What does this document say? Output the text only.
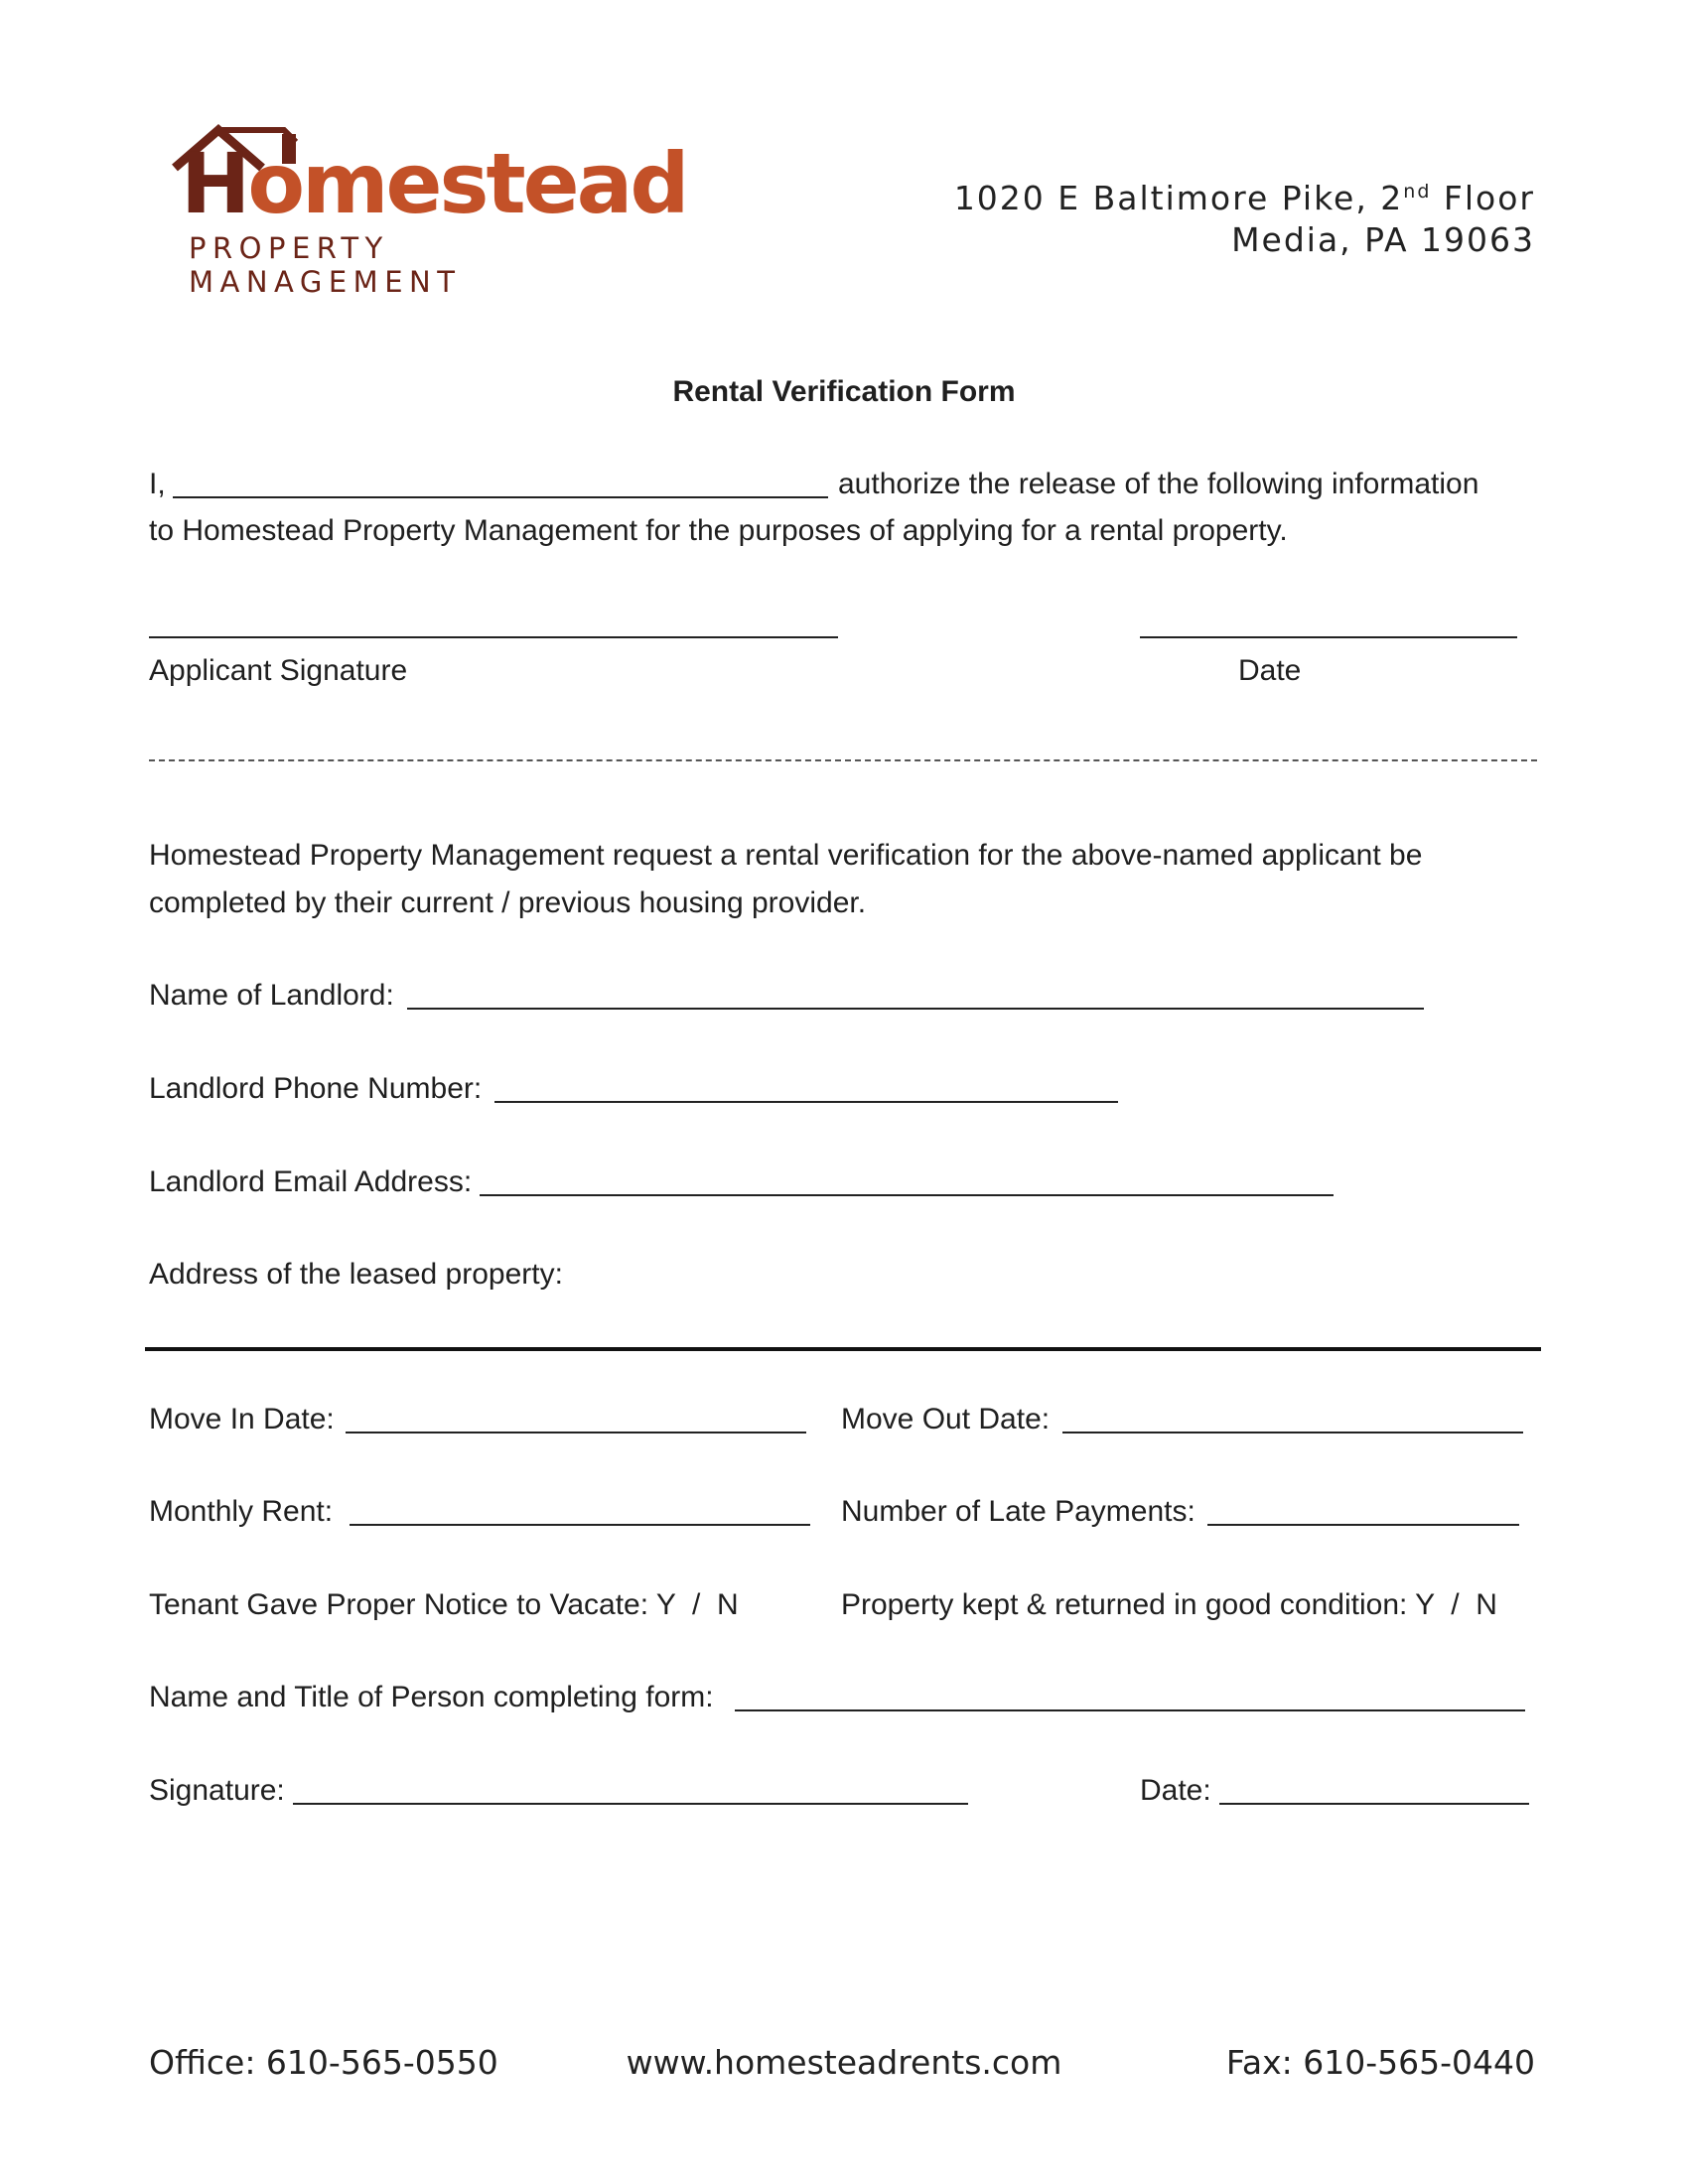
Homestead
PROPERTY MANAGEMENT
1020 E Baltimore Pike, 2nd Floor
Media, PA 19063
Rental Verification Form
I,	authorize the release of the following information
to Homestead Property Management for the purposes of applying for a rental property.
Applicant Signature	Date
Homestead Property Management request a rental verification for the above-named applicant be
completed by their current / previous housing provider.
Name of Landlord:
Landlord Phone Number:
Landlord Email Address:
Address of the leased property:
Move In Date:	Move Out Date:
Monthly Rent:	Number of Late Payments:
Tenant Gave Proper Notice to Vacate: Y  /  N	Property kept & returned in good condition: Y  /  N
Name and Title of Person completing form:
Signature:	Date:
Office: 610-565-0550	www.homesteadrents.com	Fax: 610-565-0440
